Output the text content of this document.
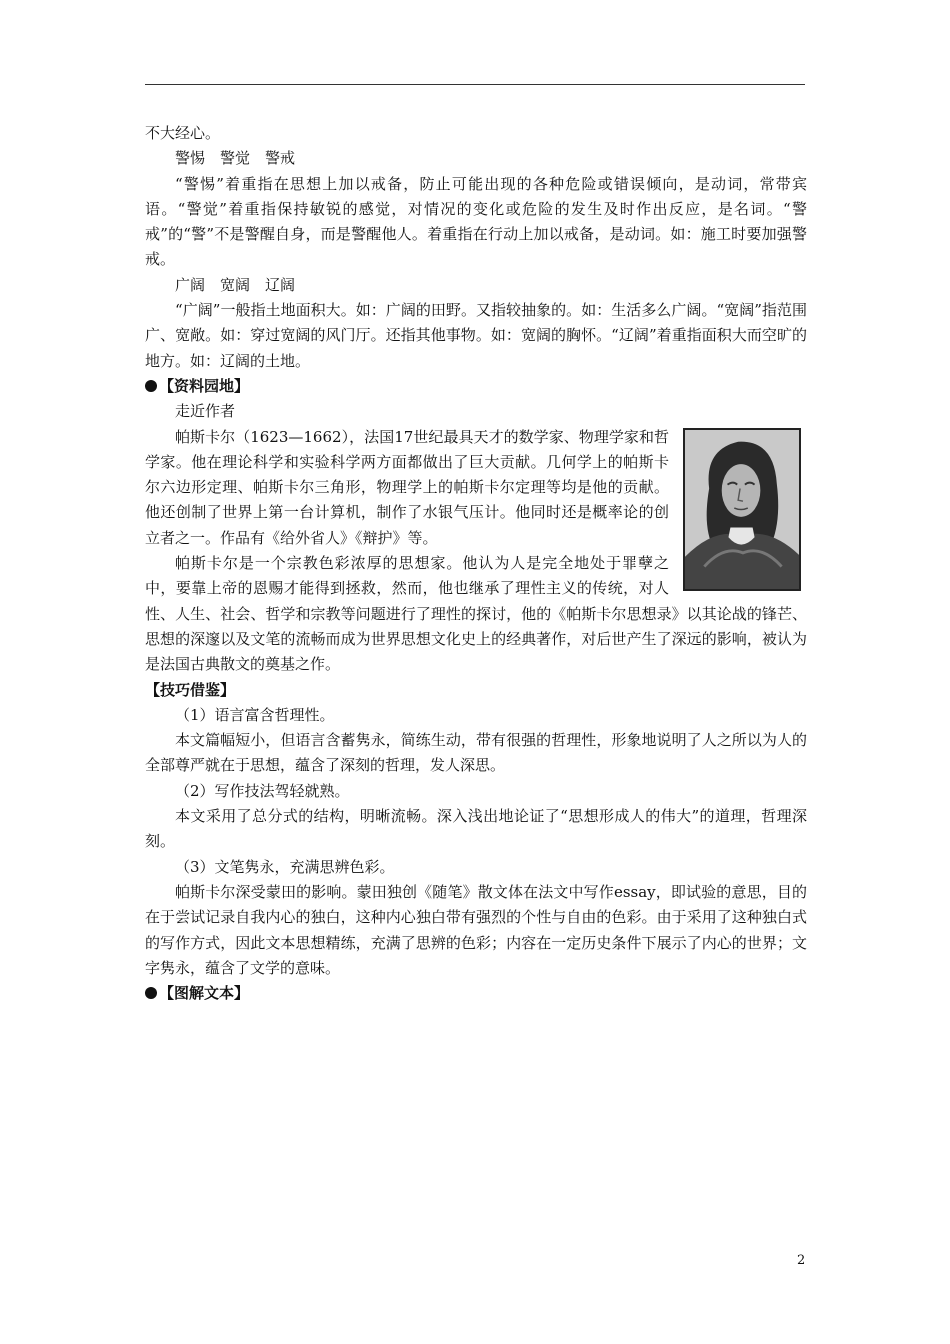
不大经心。

警惕　警觉　警戒

“警惕”着重指在思想上加以戒备，防止可能出现的各种危险或错误倾向，是动词，常带宾语。“警觉”着重指保持敏锐的感觉，对情况的变化或危险的发生及时作出反应，是名词。“警戒”的“警”不是警醒自身，而是警醒他人。着重指在行动上加以戒备，是动词。如：施工时要加强警戒。

广阔　宽阔　辽阔

“广阔”一般指土地面积大。如：广阔的田野。又指较抽象的。如：生活多么广阔。“宽阔”指范围广、宽敞。如：穿过宽阔的风门厅。还指其他事物。如：宽阔的胸怀。“辽阔”着重指面积大而空旷的地方。如：辽阔的土地。

【资料园地】

走近作者

帕斯卡尔（1623—1662），法国17世纪最具天才的数学家、物理学家和哲学家。他在理论科学和实验科学两方面都做出了巨大贡献。几何学上的帕斯卡尔六边形定理、帕斯卡尔三角形，物理学上的帕斯卡尔定理等均是他的贡献。他还创制了世界上第一台计算机，制作了水银气压计。他同时还是概率论的创立者之一。作品有《给外省人》《辩护》等。

帕斯卡尔是一个宗教色彩浓厚的思想家。他认为人是完全地处于罪孽之中，要靠上帝的恩赐才能得到拯救，然而，他也继承了理性主义的传统，对人性、人生、社会、哲学和宗教等问题进行了理性的探讨，他的《帕斯卡尔思想录》以其论战的锋芒、思想的深邃以及文笔的流畅而成为世界思想文化史上的经典著作，对后世产生了深远的影响，被认为是法国古典散文的奠基之作。

【技巧借鉴】

（1）语言富含哲理性。

本文篇幅短小，但语言含蓄隽永，简练生动，带有很强的哲理性，形象地说明了人之所以为人的全部尊严就在于思想，蕴含了深刻的哲理，发人深思。

（2）写作技法驾轻就熟。

本文采用了总分式的结构，明晰流畅。深入浅出地论证了“思想形成人的伟大”的道理，哲理深刻。

（3）文笔隽永，充满思辨色彩。

帕斯卡尔深受蒙田的影响。蒙田独创《随笔》散文体在法文中写作essay，即试验的意思，目的在于尝试记录自我内心的独白，这种内心独白带有强烈的个性与自由的色彩。由于采用了这种独白式的写作方式，因此文本思想精练，充满了思辨的色彩；内容在一定历史条件下展示了内心的世界；文字隽永，蕴含了文学的意味。

【图解文本】

2
